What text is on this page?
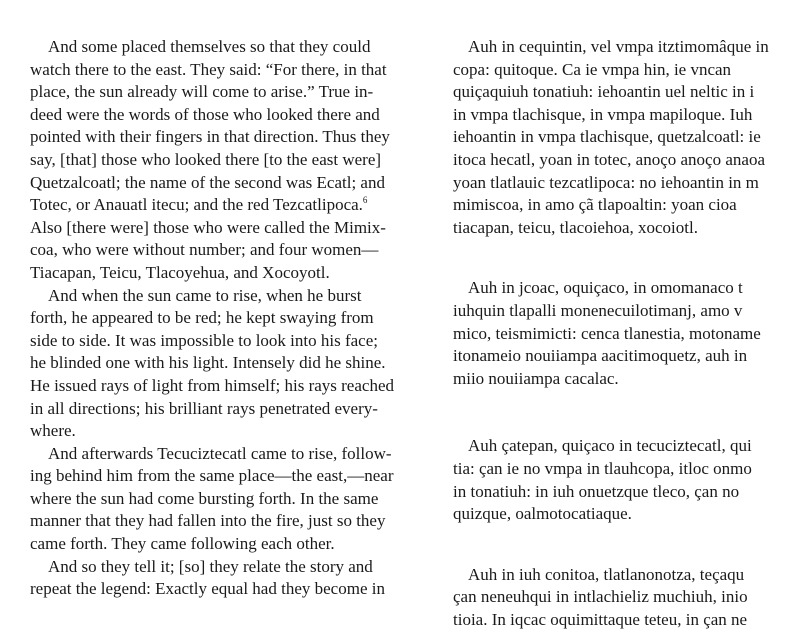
And some placed themselves so that they could
watch there to the east. They said: “For there, in that
place, the sun already will come to arise.” True in-
deed were the words of those who looked there and
pointed with their fingers in that direction. Thus they
say, [that] those who looked there [to the east were]
Quetzalcoatl; the name of the second was Ecatl; and
Totec, or Anauatl itecu; and the red Tezcatlipoca.$^6$
Also [there were] those who were called the Mimix-
coa, who were without number; and four women—
Tiacapan, Teicu, Tlacoyehua, and Xocoyotl.
And when the sun came to rise, when he burst
forth, he appeared to be red; he kept swaying from
side to side. It was impossible to look into his face;
he blinded one with his light. Intensely did he shine.
He issued rays of light from himself; his rays reached
in all directions; his brilliant rays penetrated every-
where.
And afterwards Tecuciztecatl came to rise, follow-
ing behind him from the same place—the east,—near
where the sun had come bursting forth. In the same
manner that they had fallen into the fire, just so they
came forth. They came following each other.
And so they tell it; [so] they relate the story and
repeat the legend: Exactly equal had they become in
Auh in cequintin, vel vmpa itztimomâque in
copa: quitoque. Ca ie vmpa hin, ie vncan
quiçaquiuh tonatiuh: iehoantin uel neltic in i
in vmpa tlachisque, in vmpa mapiloque. Iuh
iehoantin in vmpa tlachisque, quetzalcoatl: ie
itoca hecatl, yoan in totec, anoço anoço anaoa
yoan tlatlauic tezcatlipoca: no iehoantin in m
mimiscoa, in amo çã tlapoaltin: yoan cioa
tiacapan, teicu, tlacoiehoa, xocoiotl.
Auh in jcoac, oquiçaco, in omomanaco t
iuhquin tlapalli monenecuilotimanj, amo v
mico, teismimicti: cenca tlanestia, motoname
itonameio nouiiampa aacitimoquetz, auh in
miio nouiiampa cacalac.
Auh çatepan, quiçaco in tecuciztecatl, qui
tia: çan ie no vmpa in tlauhcopa, itloc onmo
in tonatiuh: in iuh onuetzque tleco, çan no
quizque, oalmotocatiaque.
Auh in iuh conitoa, tlatlanonotza, teçaqu
çan neneuhqui in intlachieliz muchiuh, inio
tioia. In iqcac oquimittaque teteu, in çan ne
